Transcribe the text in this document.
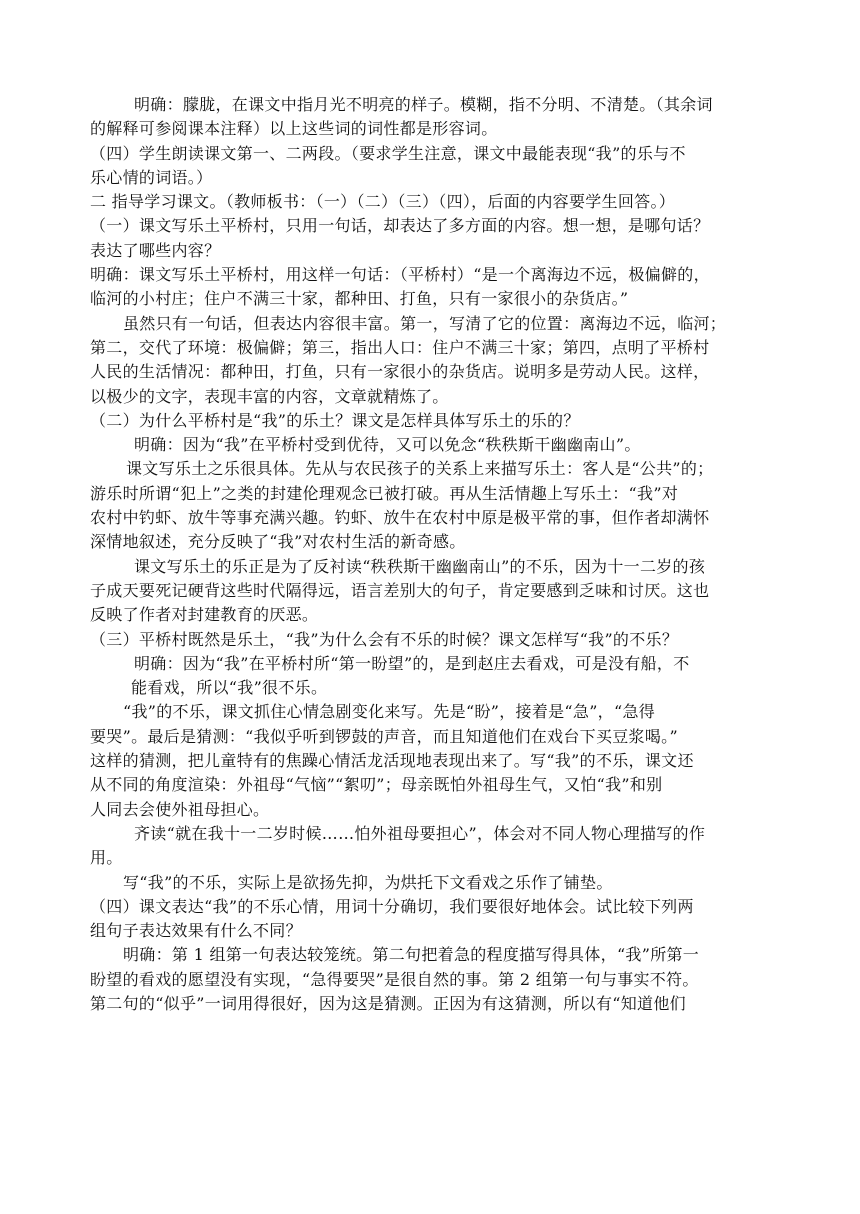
明确：朦胧，在课文中指月光不明亮的样子。模糊，指不分明、不清楚。（其余词
的解释可参阅课本注释）以上这些词的词性都是形容词。
（四）学生朗读课文第一、二两段。（要求学生注意，课文中最能表现“我”的乐与不
乐心情的词语。）
二 指导学习课文。（教师板书：（一）（二）（三）（四），后面的内容要学生回答。）
（一）课文写乐土平桥村，只用一句话，却表达了多方面的内容。想一想，是哪句话？
表达了哪些内容？
明确：课文写乐土平桥村，用这样一句话：（平桥村）“是一个离海边不远，极偏僻的，
临河的小村庄；住户不满三十家，都种田、打鱼，只有一家很小的杂货店。”
虽然只有一句话，但表达内容很丰富。第一，写清了它的位置：离海边不远，临河；
第二，交代了环境：极偏僻；第三，指出人口：住户不满三十家；第四，点明了平桥村
人民的生活情况：都种田，打鱼，只有一家很小的杂货店。说明多是劳动人民。这样，
以极少的文字，表现丰富的内容，文章就精炼了。
（二）为什么平桥村是“我”的乐土？课文是怎样具体写乐土的乐的？
明确：因为“我”在平桥村受到优待，又可以免念“秩秩斯干幽幽南山”。
课文写乐土之乐很具体。先从与农民孩子的关系上来描写乐土：客人是“公共”的；
游乐时所谓“犯上”之类的封建伦理观念已被打破。再从生活情趣上写乐土：“我”对
农村中钓虾、放牛等事充满兴趣。钓虾、放牛在农村中原是极平常的事，但作者却满怀
深情地叙述，充分反映了“我”对农村生活的新奇感。
课文写乐土的乐正是为了反衬读“秩秩斯干幽幽南山”的不乐，因为十一二岁的孩
子成天要死记硬背这些时代隔得远，语言差别大的句子，肯定要感到乏味和讨厌。这也
反映了作者对封建教育的厌恶。
（三）平桥村既然是乐土，“我”为什么会有不乐的时候？课文怎样写“我”的不乐？
明确：因为“我”在平桥村所“第一盼望”的，是到赵庄去看戏，可是没有船，不
能看戏，所以“我”很不乐。
“我”的不乐，课文抓住心情急剧变化来写。先是“盼”，接着是“急”，“急得
要哭”。最后是猜测：“我似乎听到锣鼓的声音，而且知道他们在戏台下买豆浆喝。”
这样的猜测，把儿童特有的焦躁心情活龙活现地表现出来了。写“我”的不乐，课文还
从不同的角度渲染：外祖母“气恼”“絮叨”；母亲既怕外祖母生气，又怕“我”和别
人同去会使外祖母担心。
齐读“就在我十一二岁时候……怕外祖母要担心”，体会对不同人物心理描写的作
用。
写“我”的不乐，实际上是欲扬先抑，为烘托下文看戏之乐作了铺垫。
（四）课文表达“我”的不乐心情，用词十分确切，我们要很好地体会。试比较下列两
组句子表达效果有什么不同？
明确：第 1 组第一句表达较笼统。第二句把着急的程度描写得具体，“我”所第一
盼望的看戏的愿望没有实现，“急得要哭”是很自然的事。第 2 组第一句与事实不符。
第二句的“似乎”一词用得很好，因为这是猜测。正因为有这猜测，所以有“知道他们
